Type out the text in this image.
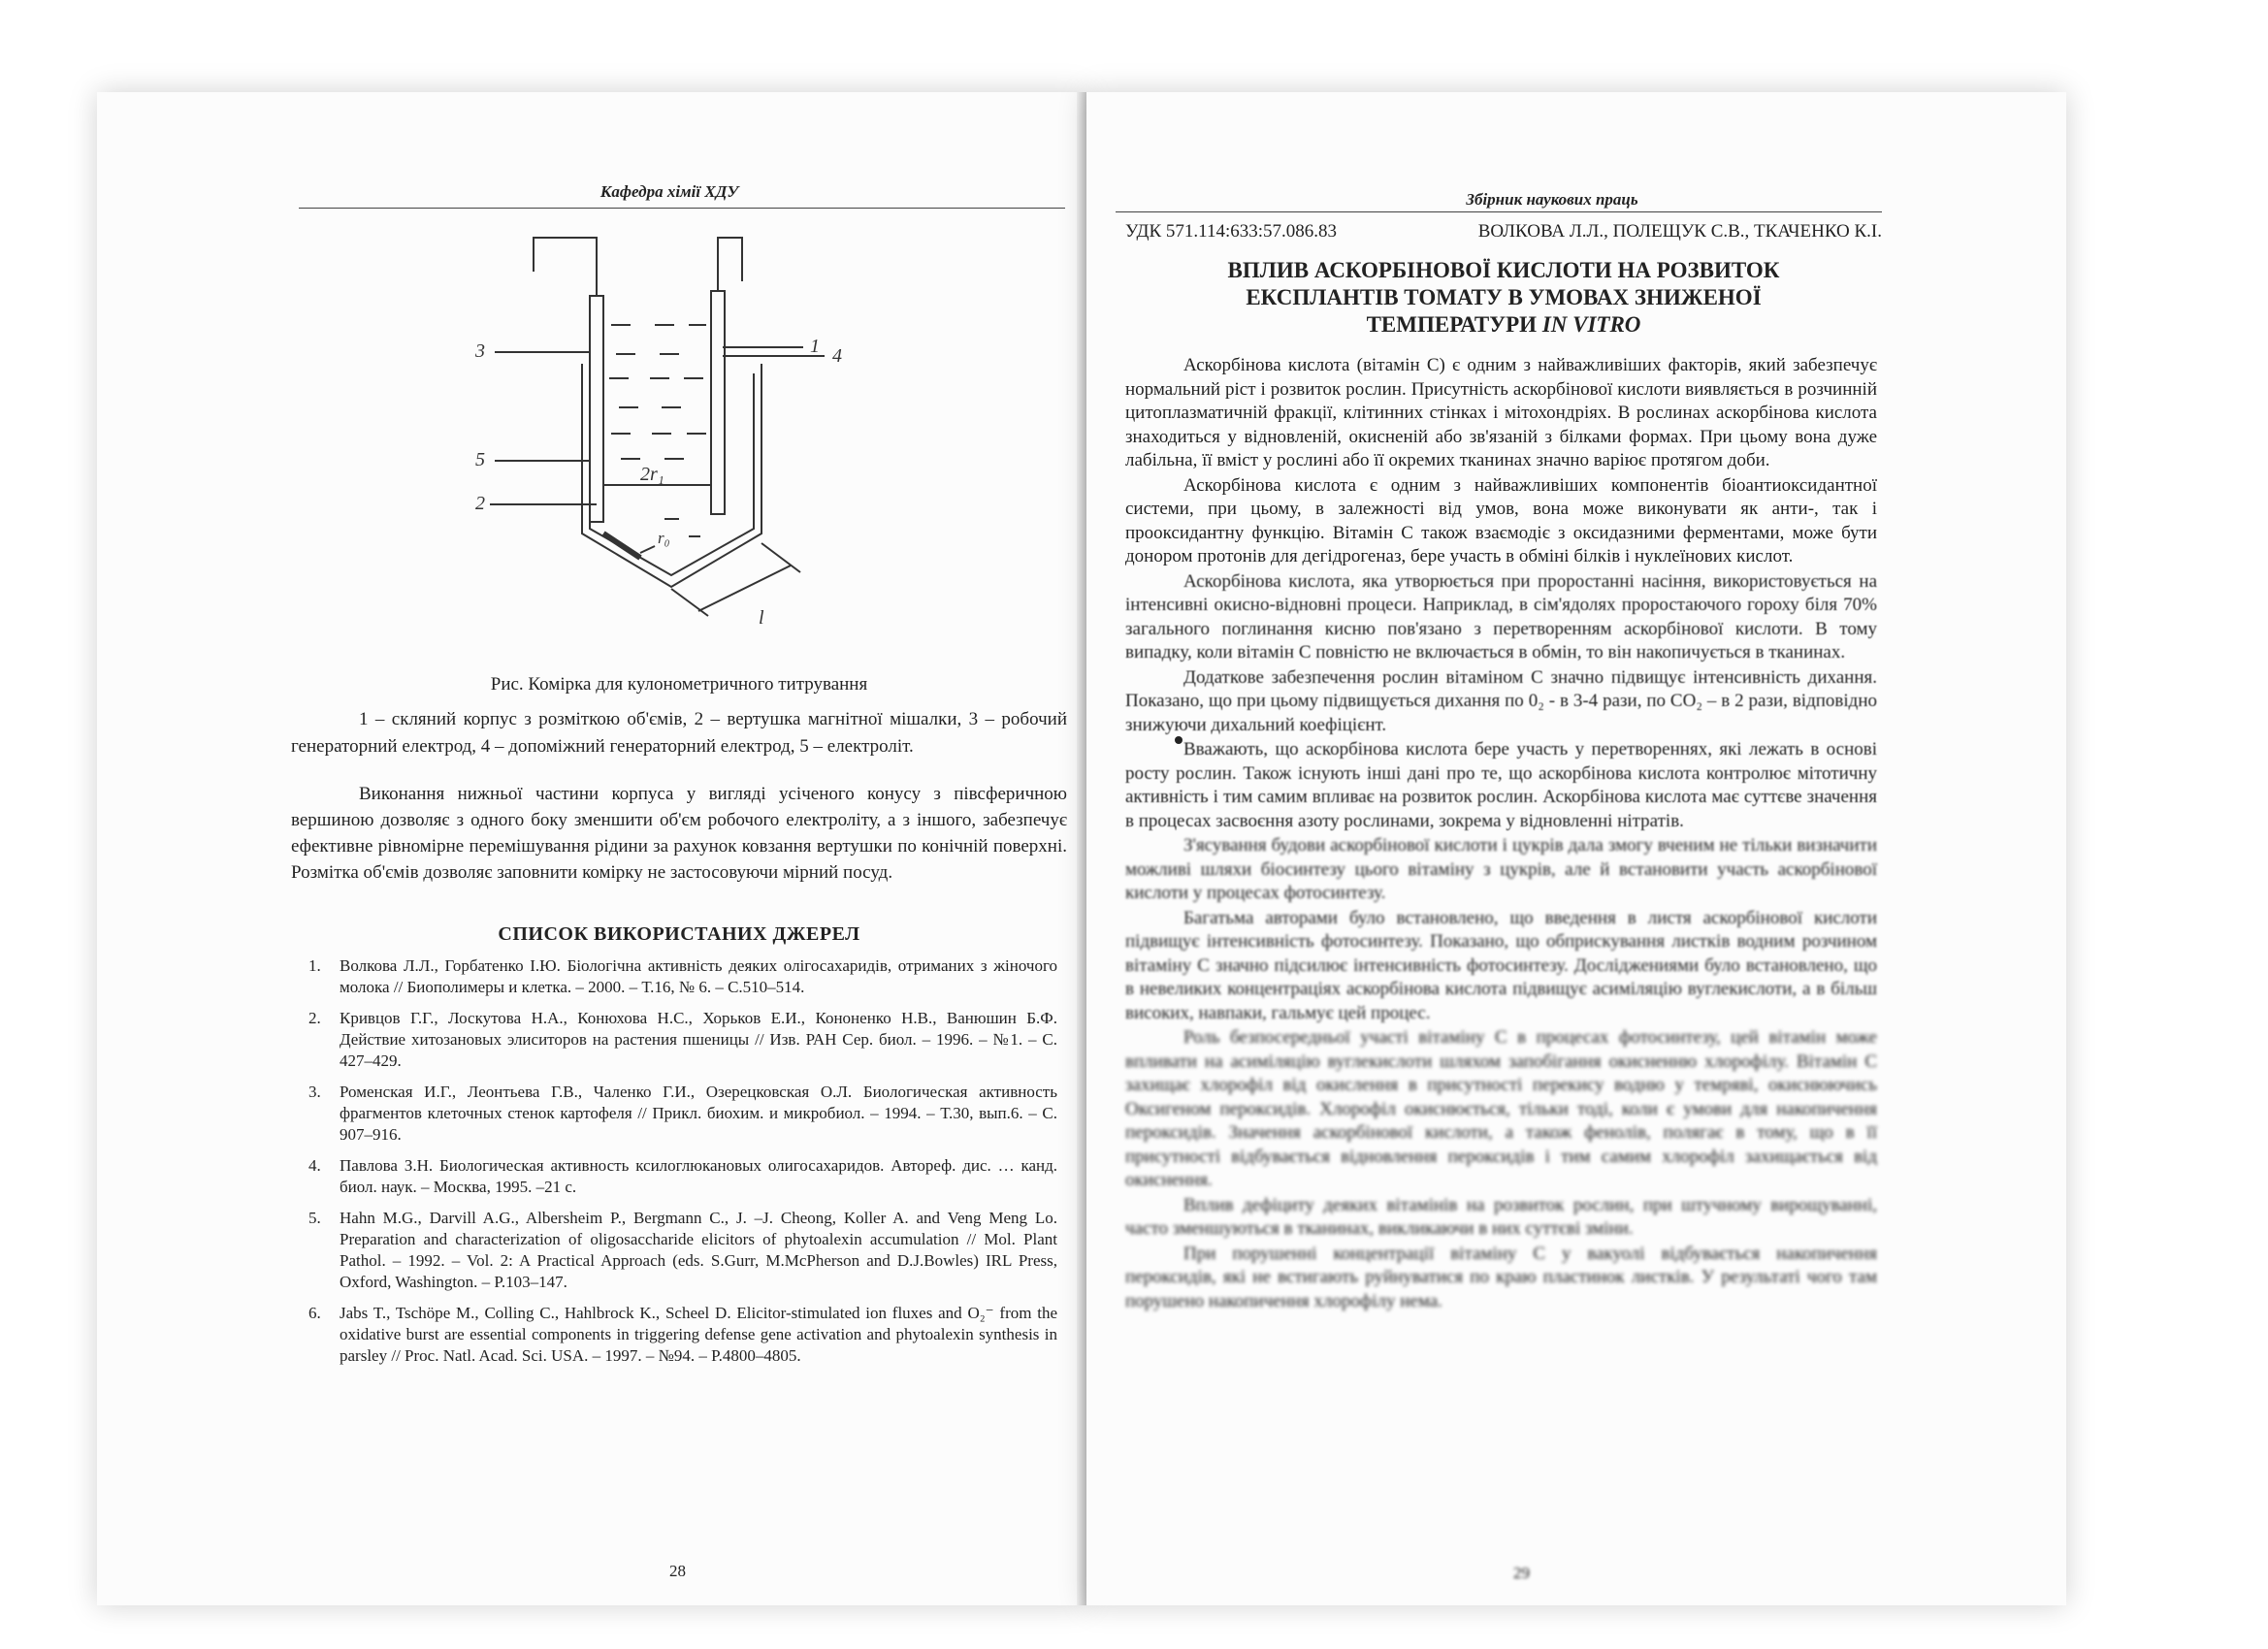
Кафедра хімії ХДУ
1
2
3	4
5
2r₁
r₀
l
Рис. Комірка для кулонометричного титрування
1 – скляний корпус з розміткою об'ємів, 2 – вертушка магнітної мішалки, 3 – робочий генераторний електрод, 4 – допоміжний генераторний електрод, 5 – електроліт.
Виконання нижньої частини корпуса у вигляді усіченого конусу з півсферичною вершиною дозволяє з одного боку зменшити об'єм робочого електроліту, а з іншого, забезпечує ефективне рівномірне перемішування рідини за рахунок ковзання вертушки по конічній поверхні. Розмітка об'ємів дозволяє заповнити комірку не застосовуючи мірний посуд.
СПИСОК ВИКОРИСТАНИХ ДЖЕРЕЛ
1. Волкова Л.Л., Горбатенко І.Ю. Біологічна активність деяких олігосахаридів, отриманих з жіночого молока // Биополимеры и клетка. – 2000. – Т.16, № 6. – С.510–514.
2. Кривцов Г.Г., Лоскутова Н.А., Конюхова Н.С., Хорьков Е.И., Кононенко Н.В., Ванюшин Б.Ф. Действие хитозановых элиситоров на растения пшеницы // Изв. РАН Сер. биол. – 1996. – №1. – С. 427–429.
3. Роменская И.Г., Леонтьева Г.В., Чаленко Г.И., Озерецковская О.Л. Биологическая активность фрагментов клеточных стенок картофеля // Прикл. биохим. и микробиол. – 1994. – Т.30, вып.6. – С. 907–916.
4. Павлова З.Н. Биологическая активность ксилоглюкановых олигосахаридов. Автореф. дис. … канд. биол. наук. – Москва, 1995. –21 с.
5. Hahn M.G., Darvill A.G., Albersheim P., Bergmann C., J. –J. Cheong, Koller A. and Veng Meng Lo. Preparation and characterization of oligosaccharide elicitors of phytoalexin accumulation // Mol. Plant Pathol. – 1992. – Vol. 2: A Practical Approach (eds. S.Gurr, M.McPherson and D.J.Bowles) IRL Press, Oxford, Washington. – P.103–147.
6. Jabs T., Tschöpe M., Colling C., Hahlbrock K., Scheel D. Elicitor-stimulated ion fluxes and O₂⁻ from the oxidative burst are essential components in triggering defense gene activation and phytoalexin synthesis in parsley // Proc. Natl. Acad. Sci. USA. – 1997. – №94. – P.4800–4805.
28
Збірник наукових праць
УДК 571.114:633:57.086.83	ВОЛКОВА Л.Л., ПОЛЕЩУК С.В., ТКАЧЕНКО К.І.
ВПЛИВ АСКОРБІНОВОЇ КИСЛОТИ НА РОЗВИТОК
ЕКСПЛАНТІВ ТОМАТУ В УМОВАХ ЗНИЖЕНОЇ
ТЕМПЕРАТУРИ IN VITRO

Аскорбінова кислота (вітамін С) є одним з найважливіших факторів, який забезпечує нормальний ріст і розвиток рослин. Присутність аскорбінової кислоти виявляється в розчинній цитоплазматичній фракції, клітинних стінках і мітохондріях. В рослинах аскорбінова кислота знаходиться у відновленій, окисненій або зв'язаній з білками формах. При цьому вона дуже лабільна, її вміст у рослині або її окремих тканинах значно варіює протягом доби.

Аскорбінова кислота є одним з найважливіших компонентів біоантиоксидантної системи, при цьому, в залежності від умов, вона може виконувати як анти-, так і прооксидантну функцію. Вітамін С також взаємодіє з оксидазними ферментами, може бути донором протонів для дегідрогеназ, бере участь в обміні білків і нуклеїнових кислот.

Аскорбінова кислота, яка утворюється при проростанні насіння, використовується на інтенсивні окисно-відновні процеси. Наприклад, в сім'ядолях проростаючого гороху біля 70% загального поглинання кисню пов'язано з перетворенням аскорбінової кислоти. В тому випадку, коли вітамін С повністю не включається в обмін, то він накопичується в тканинах.

Додаткове забезпечення рослин вітаміном С значно підвищує інтенсивність дихання. Показано, що при цьому підвищується дихання по 0₂ - в 3-4 рази, по CO₂ – в 2 рази, відповідно знижуючи дихальний коефіцієнт.

Вважають, що аскорбінова кислота бере участь у перетвореннях, які лежать в основі росту рослин. Також існують інші дані про те, що аскорбінова кислота контролює мітотичну активність і тим самим впливає на розвиток рослин. Аскорбінова кислота має суттєве значення в процесах засвоєння азоту рослинами, зокрема у відновленні нітратів.

З'ясування будови аскорбінової кислоти і цукрів дала змогу вченим не тільки визначити можливі шляхи біосинтезу цього вітаміну з цукрів, але й встановити участь аскорбінової кислоти у процесах фотосинтезу.

Багатьма авторами було встановлено, що введення в листя аскорбінової кислоти підвищує інтенсивність фотосинтезу. Показано, що обприскування листків водним розчином вітаміну С значно підсилює інтенсивність фотосинтезу. Досліджениями було встановлено, що в невеликих концентраціях аскорбінова кислота підвищує асиміляцію вуглекислоти, а в більш високих, навпаки, гальмує цей процес.

Роль безпосередньої участі вітаміну С в процесах фотосинтезу, цей вітамін може впливати на асиміляцію вуглекислоти шляхом запобігання окисненню хлорофілу. Вітамін С захищає хлорофіл від окислення в присутності перекису водню у темряві, окиснюючись Оксигеном пероксидів. Хлорофіл окиснюється, тільки тоді, коли є умови для накопичення пероксидів. Значення аскорбінової кислоти, а також фенолів, полягає в тому, що в її присутності відбувається відновлення пероксидів і тим самим хлорофіл захищається від окиснення.

Вплив дефіциту деяких вітамінів на розвиток рослин, при штучному вирощуванні, часто зменшуються в тканинах, викликаючи в них суттєві зміни.

При порушенні концентрації вітаміну С у вакуолі відбувається накопичення пероксидів, які не встигають руйнуватися по краю пластинок листків. У результаті чого там порушено накопичення хлорофілу нема.

29
